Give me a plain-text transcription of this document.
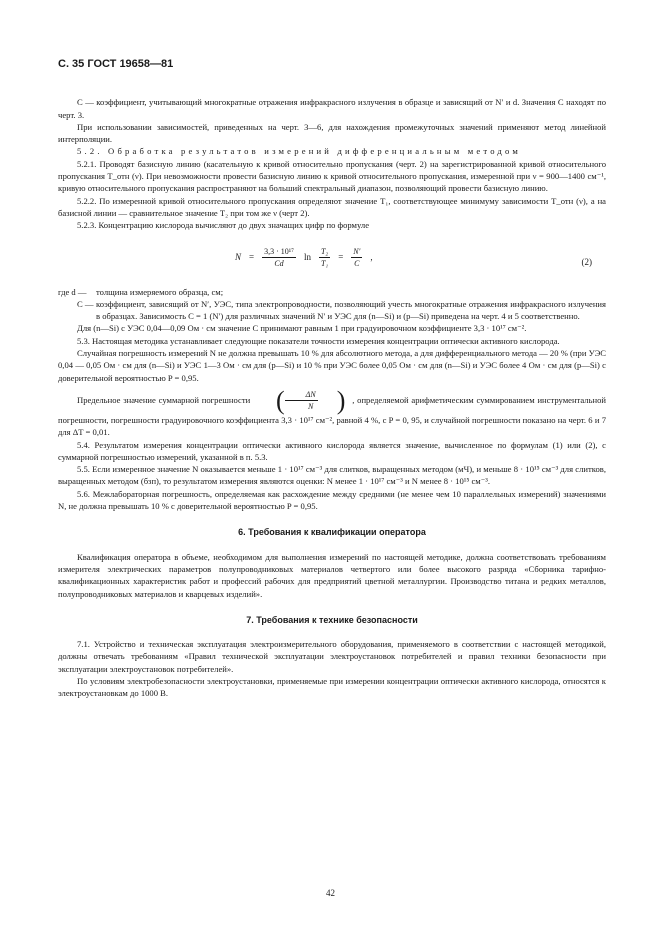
С. 35 ГОСТ 19658—81

C — коэффициент, учитывающий многократные отражения инфракрасного излучения в образце и зависящий от N′ и d. Значения C находят по черт. 3.

При использовании зависимостей, приведенных на черт. 3—6, для нахождения промежуточных значений применяют метод линейной интерполяции.

5.2. Обработка результатов измерений дифференциальным методом

5.2.1. Проводят базисную линию (касательную к кривой относительно пропускания (черт. 2) на зарегистрированной кривой относительного пропускания T_отн (ν). При невозможности провести базисную линию к кривой относительного пропускания, измеренной при ν = 900—1400 см⁻¹, кривую относительного пропускания распространяют на больший спектральный диапазон, позволяющий провести базисную линию.

5.2.2. По измеренной кривой относительного пропускания определяют значение T₁, соответствующее минимуму зависимости T_отн (ν), а на базисной линии — сравнительное значение T₂ при том же ν (черт 2).

5.2.3. Концентрацию кислорода вычисляют до двух значащих цифр по формуле

$N = \frac{\text{3,3 · 10¹⁷}}{Cd}$ $\ln \frac{\text{T₂}}{\text{T₁}} = \frac{N'}{C}$ ,	(2)
где d —	толщина измеряемого образца, см;
C — коэффициент, зависящий от N′, УЭС, типа электропроводности, позволяющий учесть многократные отражения инфракрасного излучения в образцах. Зависимость C = 1 (N′) для различных значений N′ и УЭС для (n—Si) и (p—Si) приведена на черт. 4 и 5 соответственно.

Для (n—Si) с УЭС 0,04—0,09 Ом · см значение C принимают равным 1 при градуировочном коэффициенте 3,3 · 10¹⁷ см⁻².

5.3. Настоящая методика устанавливает следующие показатели точности измерения концентрации оптически активного кислорода.

Случайная погрешность измерений N не должна превышать 10 % для абсолютного метода, а для дифференциального метода — 20 % (при УЭС 0,04 — 0,05 Ом · см для (n—Si) и УЭС 1—3 Ом · см для (p—Si) и 10 % при УЭС более 0,05 Ом · см для (n—Si) и УЭС более 4 Ом · см для (p—Si) с доверительной вероятностью P = 0,95.

Предельное значение суммарной погрешности ( $\frac{\Delta N}{N}$ ) , определяемой арифметическим суммированием инструментальной погрешности, погрешности градуировочного коэффициента 3,3 · 10¹⁷ см⁻², равной 4 %, с P = 0, 95, и случайной погрешности показано на черт. 6 и 7 для ΔT = 0,01.

5.4. Результатом измерения концентрации оптически активного кислорода является значение, вычисленное по формулам (1) или (2), с суммарной погрешностью измерений, указанной в п. 5.3.

5.5. Если измеренное значение N оказывается меньше 1 · 10¹⁷ см⁻³ для слитков, выращенных методом (мЧ), и меньше 8 · 10¹⁵ см⁻³ для слитков, выращенных методом (бзп), то результатом измерения являются оценки: N менее 1 · 10¹⁷ см⁻³ и N менее 8 · 10¹⁵ см⁻³.

5.6. Межлабораторная погрешность, определяемая как расхождение между средними (не менее чем 10 параллельных измерений) значениями N, не должна превышать 10 % с доверительной вероятностью P = 0,95.

6. Требования к квалификации оператора

Квалификация оператора в объеме, необходимом для выполнения измерений по настоящей методике, должна соответствовать требованиям измерителя электрических параметров полупроводниковых материалов четвертого или более высокого разряда «Сборника тарифно-квалификационных характеристик работ и профессий рабочих для предприятий цветной металлургии. Производство титана и редких металлов, полупроводниковых материалов и кварцевых изделий».

7. Требования к технике безопасности

7.1. Устройство и техническая эксплуатация электроизмерительного оборудования, применяемого в соответствии с настоящей методикой, должны отвечать требованиям «Правил технической эксплуатации электроустановок потребителей и правил техники безопасности при эксплуатации электроустановок потребителей».

По условиям электробезопасности электроустановки, применяемые при измерении концентрации оптически активного кислорода, относятся к электроустановкам до 1000 В.

42
